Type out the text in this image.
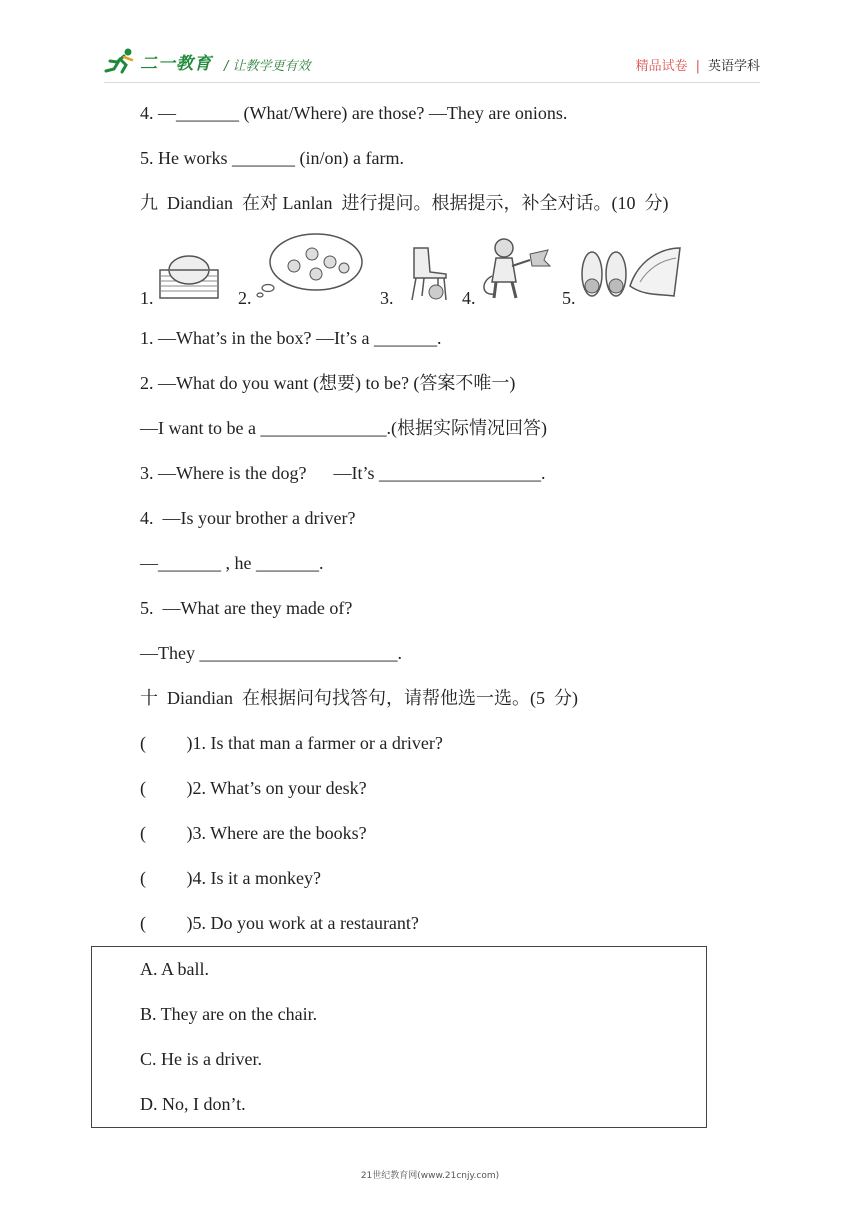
二一教育 / 让教学更有效	精品试卷 | 英语学科
4. —_______ (What/Where) are those? —They are onions.
5. He works _______ (in/on) a farm.
九  Diandian  在对 Lanlan  进行提问。根据提示，补全对话。(10  分)
1.	2.	3.	4.	5.
1. —What’s in the box? —It’s a _______.
2. —What do you want (想要) to be? (答案不唯一)
—I want to be a ______________.(根据实际情况回答)
3. —Where is the dog?      —It’s __________________.
4.  —Is your brother a driver?
—_______ , he _______.
5.  —What are they made of?
—They ______________________.
十  Diandian  在根据问句找答句，请帮他选一选。(5  分)
(         )1. Is that man a farmer or a driver?
(         )2. What’s on your desk?
(         )3. Where are the books?
(         )4. Is it a monkey?
(         )5. Do you work at a restaurant?
A. A ball.
B. They are on the chair.
C. He is a driver.
D. No, I don’t.
21世纪教育网(www.21cnjy.com)
